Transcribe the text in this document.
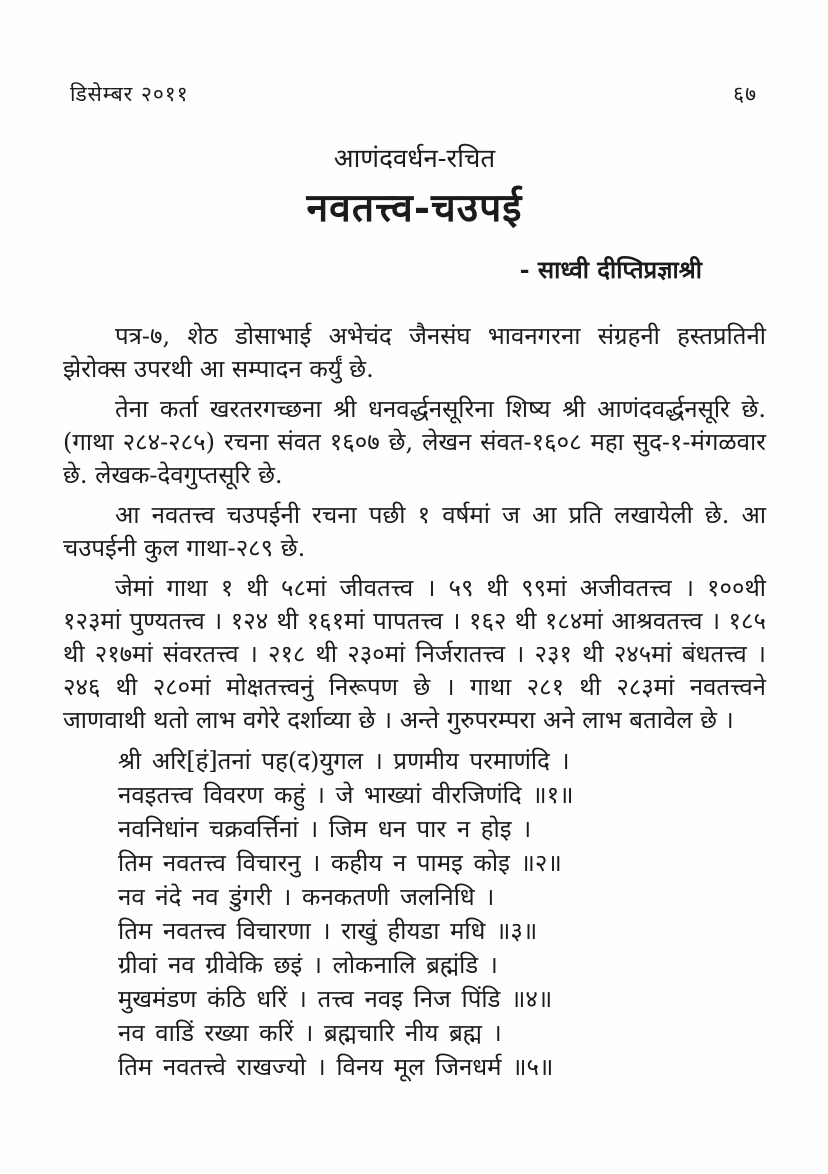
डिसेम्बर २०११	६७
आणंदवर्धन-रचित
नवतत्त्व-चउपई
- साध्वी दीप्तिप्रज्ञाश्री

पत्र-७, शेठ डोसाभाई अभेचंद जैनसंघ भावनगरना संग्रहनी हस्तप्रतिनी झेरोक्स उपरथी आ सम्पादन कर्युं छे.

तेना कर्ता खरतरगच्छना श्री धनवर्द्धनसूरिना शिष्य श्री आणंदवर्द्धनसूरि छे. (गाथा २८४-२८५) रचना संवत १६०७ छे, लेखन संवत-१६०८ महा सुद-१-मंगळवार छे. लेखक-देवगुप्तसूरि छे.

आ नवतत्त्व चउपईनी रचना पछी १ वर्षमां ज आ प्रति लखायेली छे. आ चउपईनी कुल गाथा-२८९ छे.

जेमां गाथा १ थी ५८मां जीवतत्त्व । ५९ थी ९९मां अजीवतत्त्व । १००थी १२३मां पुण्यतत्त्व । १२४ थी १६१मां पापतत्त्व । १६२ थी १८४मां आश्रवतत्त्व । १८५ थी २१७मां संवरतत्त्व । २१८ थी २३०मां निर्जरातत्त्व । २३१ थी २४५मां बंधतत्त्व । २४६ थी २८०मां मोक्षतत्त्वनुं निरूपण छे । गाथा २८१ थी २८३मां नवतत्त्वने जाणवाथी थतो लाभ वगेरे दर्शाव्या छे । अन्ते गुरुपरम्परा अने लाभ बतावेल छे ।

श्री अरि[हं]तनां पह(द)युगल । प्रणमीय परमाणंदि ।
नवइतत्त्व विवरण कहुं । जे भाख्यां वीरजिणंदि ॥१॥
नवनिधांन चक्रवर्त्तिनां । जिम धन पार न होइ ।
तिम नवतत्त्व विचारनु । कहीय न पामइ कोइ ॥२॥
नव नंदे नव डुंगरी । कनकतणी जलनिधि ।
तिम नवतत्त्व विचारणा । राखुं हीयडा मधि ॥३॥
ग्रीवां नव ग्रीवेकि छइं । लोकनालि ब्रह्मंडि ।
मुखमंडण कंठि धरिं । तत्त्व नवइ निज पिंडि ॥४॥
नव वाडिं रख्या करिं । ब्रह्मचारि नीय ब्रह्म ।
तिम नवतत्त्वे राखज्यो । विनय मूल जिनधर्म ॥५॥
